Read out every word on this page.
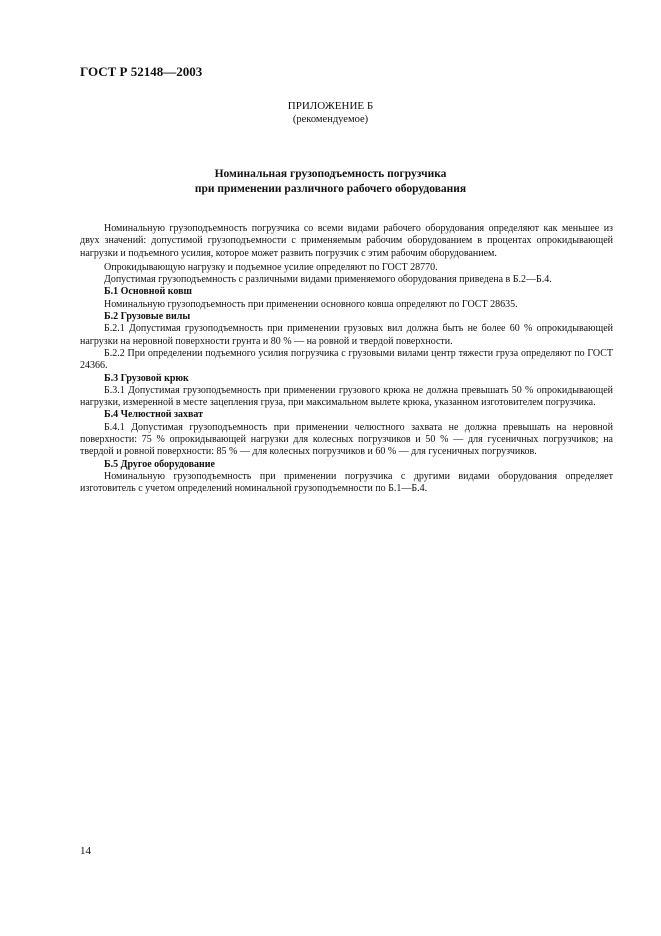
ГОСТ Р 52148—2003
ПРИЛОЖЕНИЕ Б
(рекомендуемое)
Номинальная грузоподъемность погрузчика
при применении различного рабочего оборудования

Номинальную грузоподъемность погрузчика со всеми видами рабочего оборудования определяют как меньшее из двух значений: допустимой грузоподъемности с применяемым рабочим оборудованием в процентах опрокидывающей нагрузки и подъемного усилия, которое может развить погрузчик с этим рабочим оборудованием.

Опрокидывающую нагрузку и подъемное усилие определяют по ГОСТ 28770.

Допустимая грузоподъемность с различными видами применяемого оборудования приведена в Б.2—Б.4.

Б.1 Основной ковш

Номинальную грузоподъемность при применении основного ковша определяют по ГОСТ 28635.

Б.2 Грузовые вилы

Б.2.1 Допустимая грузоподъемность при применении грузовых вил должна быть не более 60 % опрокидывающей нагрузки на неровной поверхности грунта и 80 % — на ровной и твердой поверхности.

Б.2.2 При определении подъемного усилия погрузчика с грузовыми вилами центр тяжести груза определяют по ГОСТ 24366.

Б.3 Грузовой крюк

Б.3.1 Допустимая грузоподъемность при применении грузового крюка не должна превышать 50 % опрокидывающей нагрузки, измеренной в месте зацепления груза, при максимальном вылете крюка, указанном изготовителем погрузчика.

Б.4 Челюстной захват

Б.4.1 Допустимая грузоподъемность при применении челюстного захвата не должна превышать на неровной поверхности: 75 % опрокидывающей нагрузки для колесных погрузчиков и 50 % — для гусеничных погрузчиков; на твердой и ровной поверхности: 85 % — для колесных погрузчиков и 60 % — для гусеничных погрузчиков.

Б.5 Другое оборудование

Номинальную грузоподъемность при применении погрузчика с другими видами оборудования определяет изготовитель с учетом определений номинальной грузоподъемности по Б.1—Б.4.

14
